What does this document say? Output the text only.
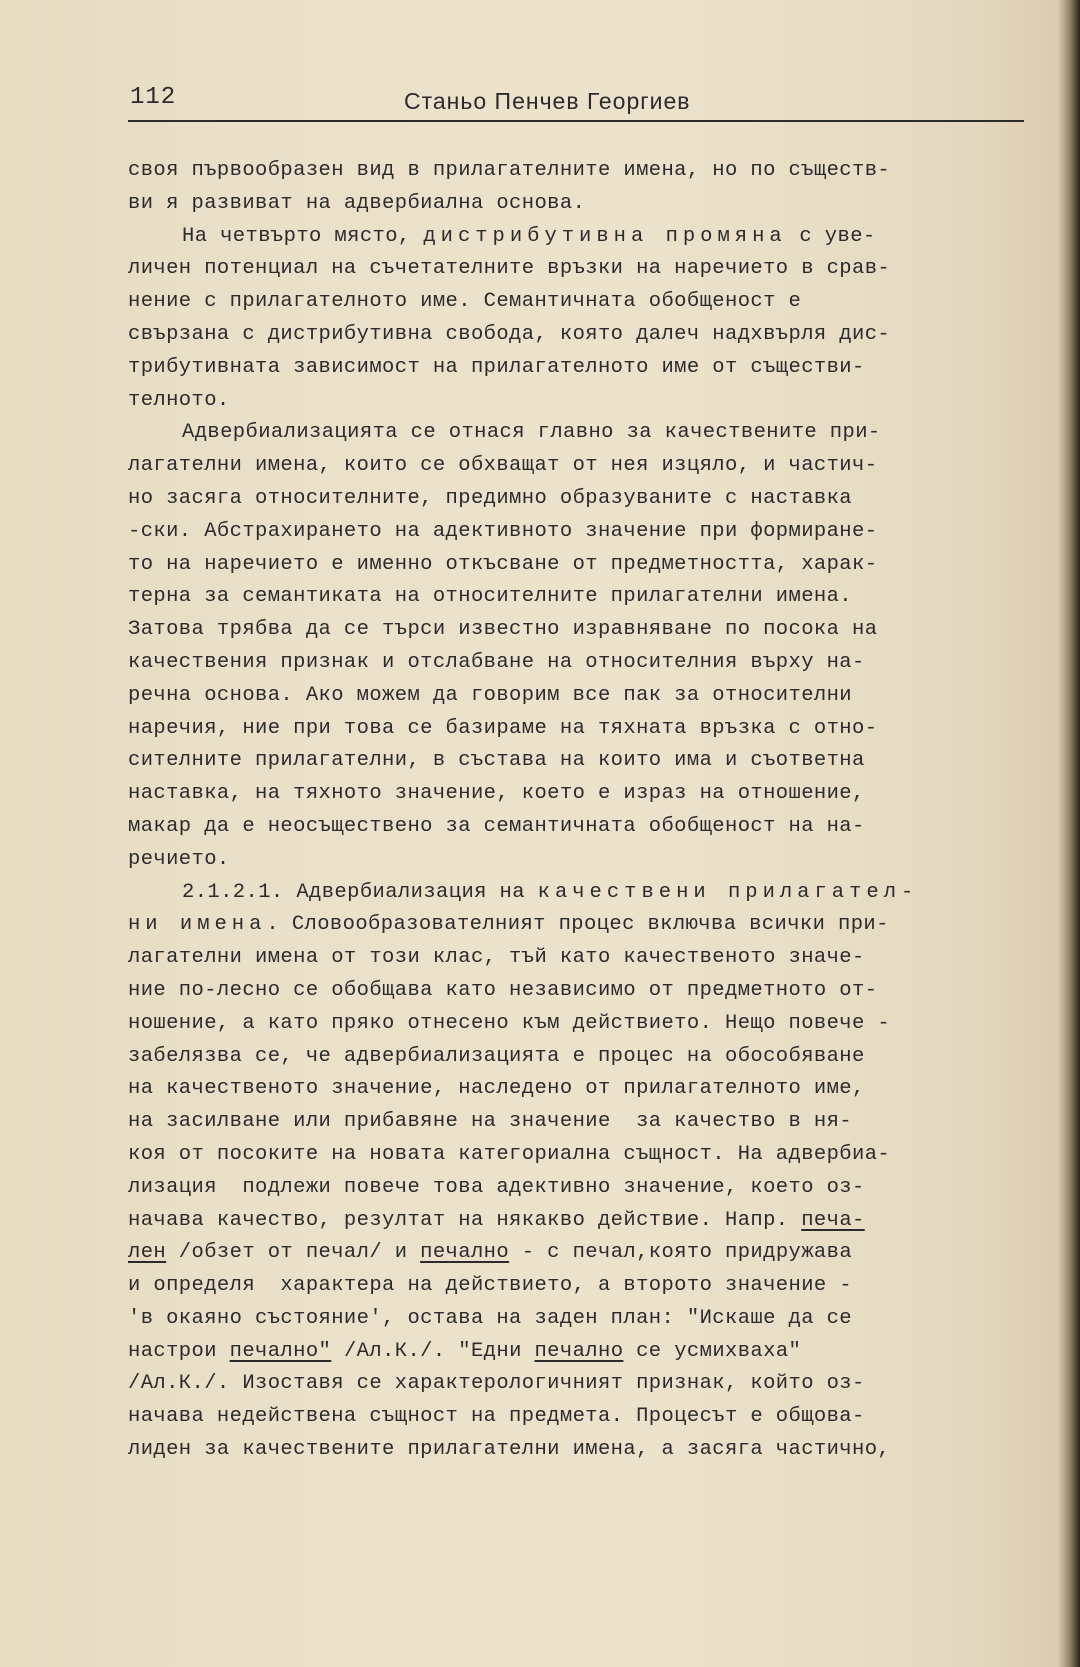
112	Станьо Пенчев Георгиев
своя първообразен вид в прилагателните имена, но по съществ-
ви я развиват на адвербиална основа.
На четвърто място, дистрибутивна промяна с уве-
личен потенциал на съчетателните връзки на наречието в срав-
нение с прилагателното име. Семантичната обобщеност е
свързана с дистрибутивна свобода, която далеч надхвърля дис-
трибутивната зависимост на прилагателното име от съществи-
телното.
Адвербиализацията се отнася главно за качествените при-
лагателни имена, които се обхващат от нея изцяло, и частич-
но засяга относителните, предимно образуваните с наставка
-ски. Абстрахирането на адективното значение при формиране-
то на наречието е именно откъсване от предметността, харак-
терна за семантиката на относителните прилагателни имена.
Затова трябва да се търси известно изравняване по посока на
качествения признак и отслабване на относителния върху на-
речна основа. Ако можем да говорим все пак за относителни
наречия, ние при това се базираме на тяхната връзка с отно-
сителните прилагателни, в състава на които има и съответна
наставка, на тяхното значение, което е израз на отношение,
макар да е неосъществено за семантичната обобщеност на на-
речието.
2.1.2.1. Адвербиализация на качествени прилагател-
ни имена. Словообразователният процес включва всички при-
лагателни имена от този клас, тъй като качественото значе-
ние по-лесно се обобщава като независимо от предметното от-
ношение, а като пряко отнесено към действието. Нещо повече -
забелязва се, че адвербиализацията е процес на обособяване
на качественото значение, наследено от прилагателното име,
на засилване или прибавяне на значение  за качество в ня-
коя от посоките на новата категориална същност. На адвербиа-
лизация  подлежи повече това адективно значение, което оз-
начава качество, резултат на някакво действие. Напр. печа-
лен /обзет от печал/ и печално - с печал,която придружава
и определя  характера на действието, а второто значение -
'в окаяно състояние', остава на заден план: "Искаше да се
настрои печално" /Ал.К./. "Едни печално се усмихваха"
/Ал.К./. Изоставя се характерологичният признак, който оз-
начава недействена същност на предмета. Процесът е общова-
лиден за качествените прилагателни имена, а засяга частично,
